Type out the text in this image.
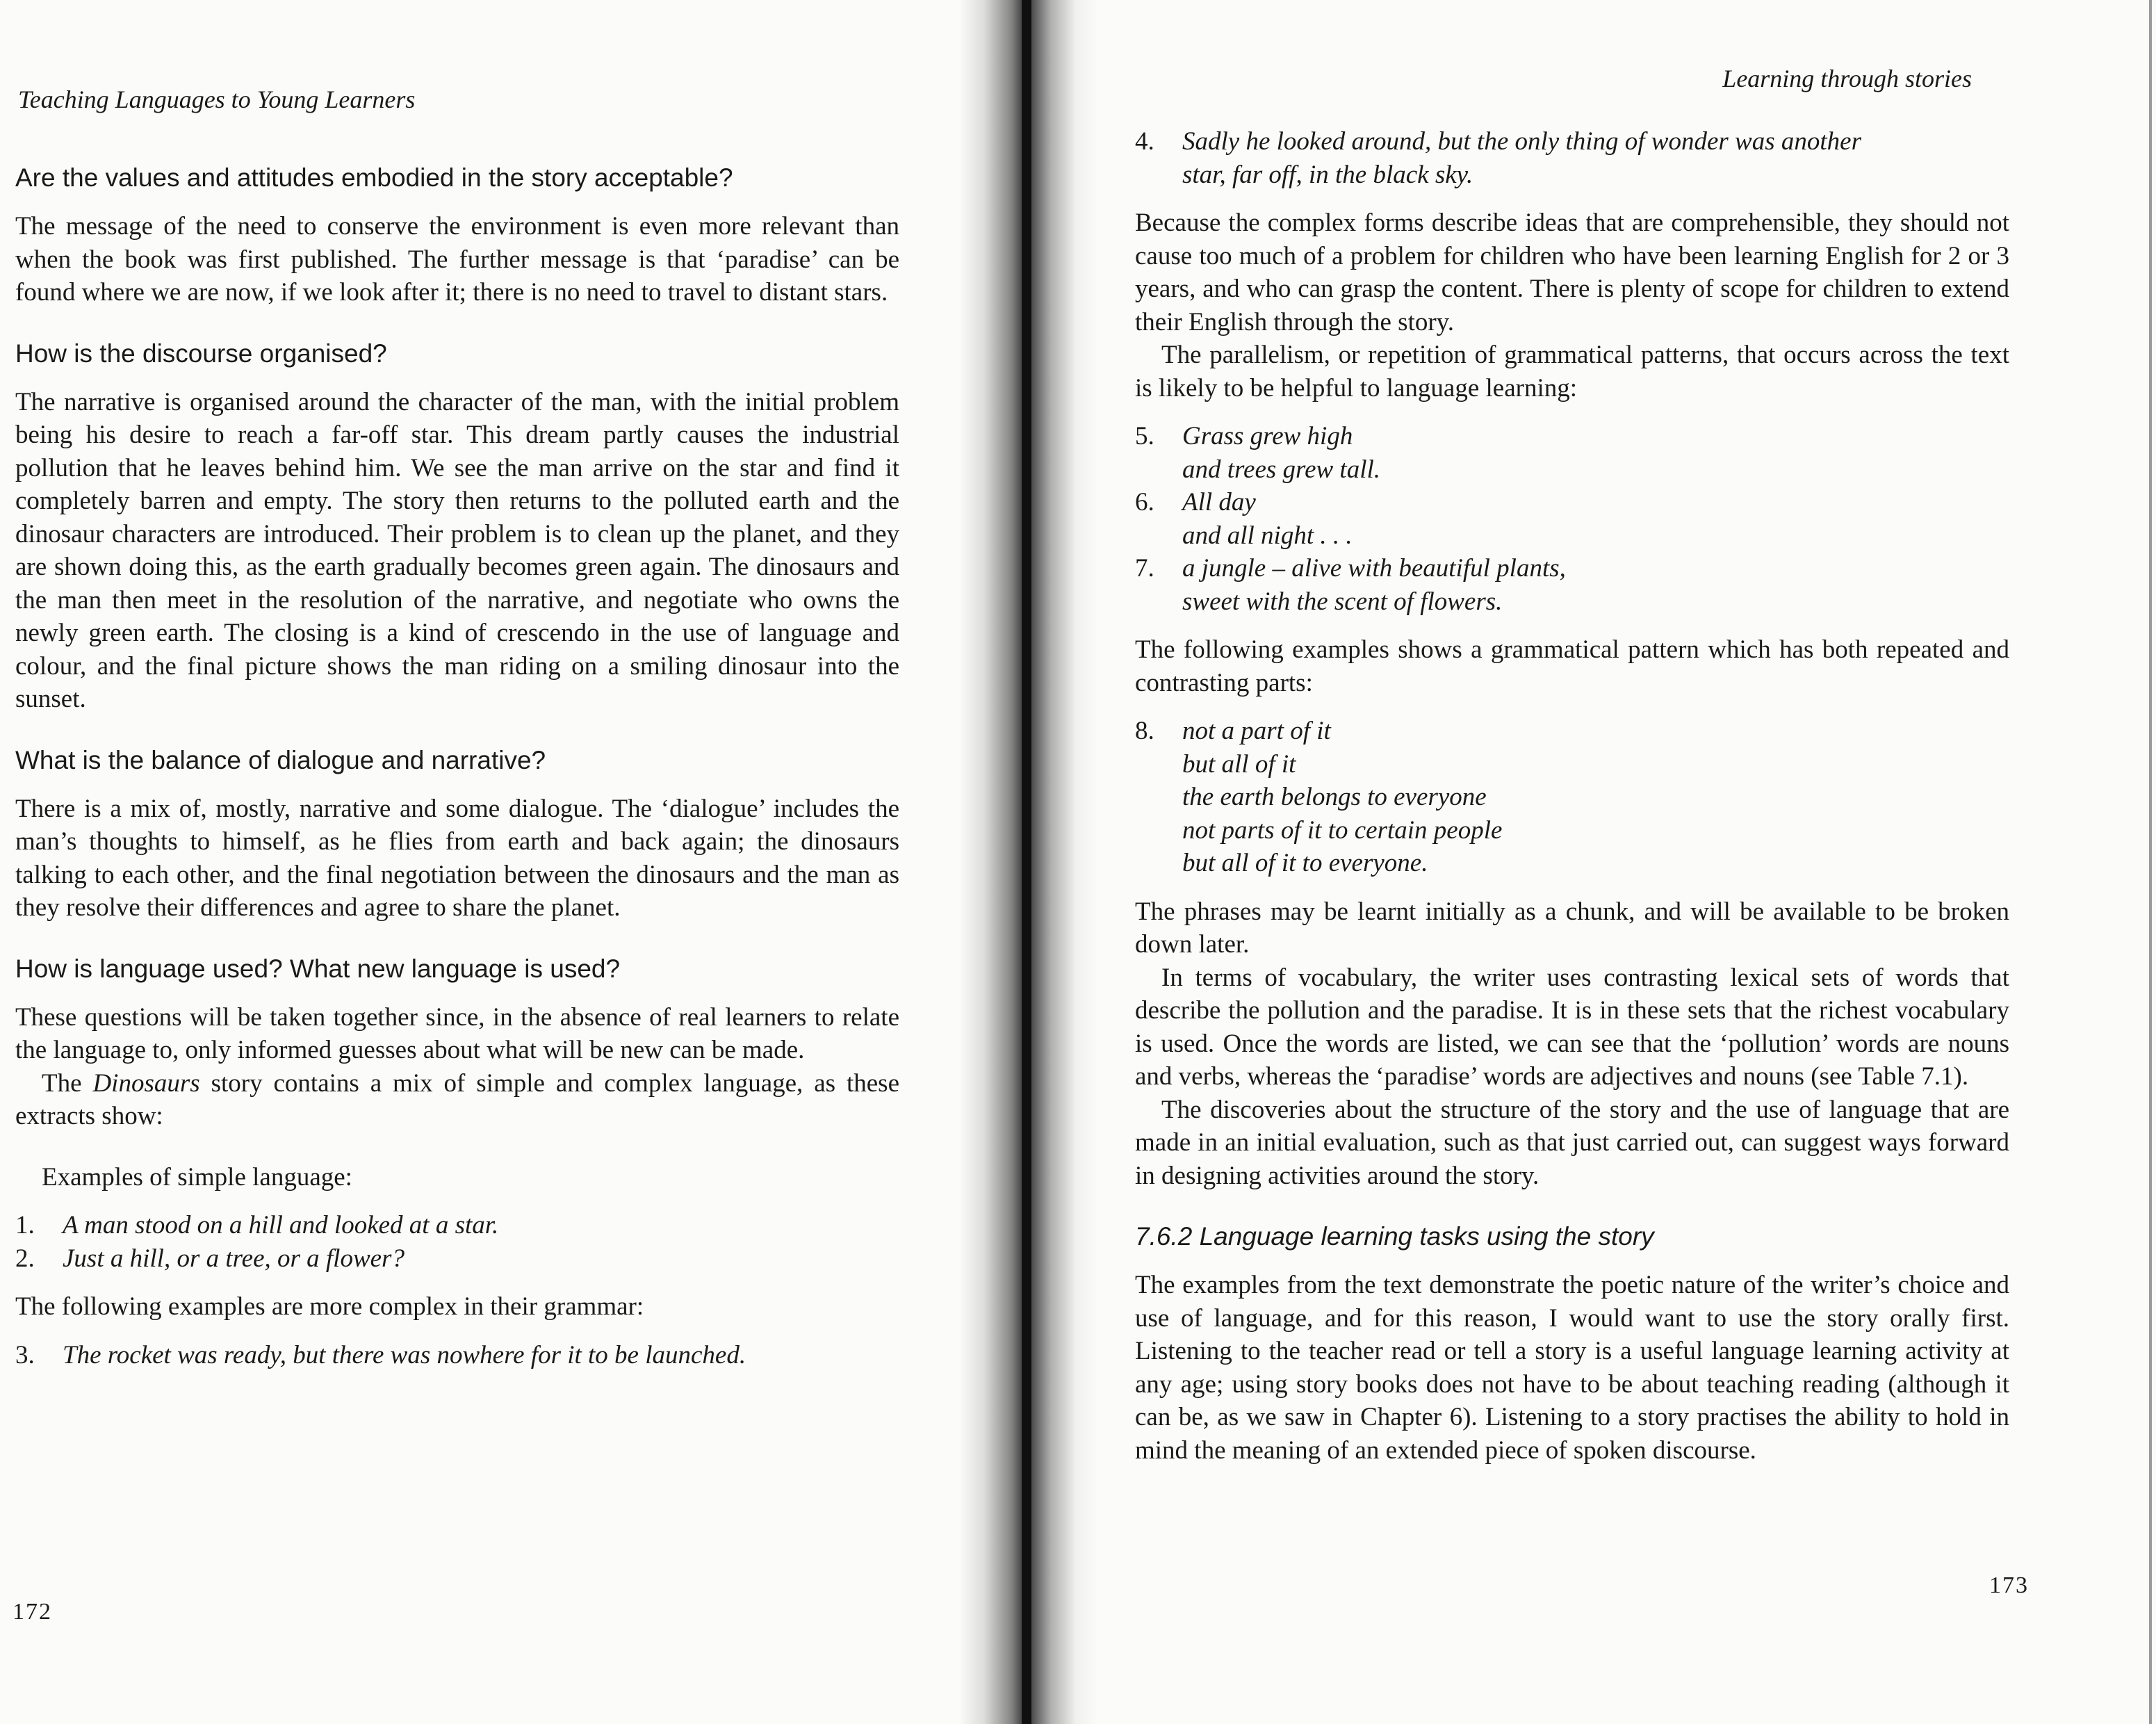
Teaching Languages to Young Learners
Are the values and attitudes embodied in the story acceptable?

The message of the need to conserve the environment is even more relevant than when the book was first published. The further message is that ‘paradise’ can be found where we are now, if we look after it; there is no need to travel to distant stars.

How is the discourse organised?

The narrative is organised around the character of the man, with the initial problem being his desire to reach a far-off star. This dream partly causes the industrial pollution that he leaves behind him. We see the man arrive on the star and find it completely barren and empty. The story then returns to the polluted earth and the dinosaur characters are introduced. Their problem is to clean up the planet, and they are shown doing this, as the earth gradually becomes green again. The dinosaurs and the man then meet in the resolution of the narrative, and negotiate who owns the newly green earth. The closing is a kind of crescendo in the use of language and colour, and the final picture shows the man riding on a smiling dinosaur into the sunset.

What is the balance of dialogue and narrative?

There is a mix of, mostly, narrative and some dialogue. The ‘dialogue’ includes the man’s thoughts to himself, as he flies from earth and back again; the dinosaurs talking to each other, and the final negotiation between the dinosaurs and the man as they resolve their differences and agree to share the planet.

How is language used? What new language is used?

These questions will be taken together since, in the absence of real learners to relate the language to, only informed guesses about what will be new can be made.

The Dinosaurs story contains a mix of simple and complex language, as these extracts show:

Examples of simple language:
1.	A man stood on a hill and looked at a star.
2.	Just a hill, or a tree, or a flower?

The following examples are more complex in their grammar:

3.	The rocket was ready, but there was nowhere for it to be launched.
172
Learning through stories
4.	Sadly he looked around, but the only thing of wonder was another
star, far off, in the black sky.

Because the complex forms describe ideas that are comprehensible, they should not cause too much of a problem for children who have been learning English for 2 or 3 years, and who can grasp the content. There is plenty of scope for children to extend their English through the story.

The parallelism, or repetition of grammatical patterns, that occurs across the text is likely to be helpful to language learning:

5.	Grass grew high
and trees grew tall.
6.	All day
and all night . . .
7.	a jungle – alive with beautiful plants,
sweet with the scent of flowers.

The following examples shows a grammatical pattern which has both repeated and contrasting parts:

8.	not a part of it
but all of it
the earth belongs to everyone
not parts of it to certain people
but all of it to everyone.

The phrases may be learnt initially as a chunk, and will be available to be broken down later.

In terms of vocabulary, the writer uses contrasting lexical sets of words that describe the pollution and the paradise. It is in these sets that the richest vocabulary is used. Once the words are listed, we can see that the ‘pollution’ words are nouns and verbs, whereas the ‘paradise’ words are adjectives and nouns (see Table 7.1).

The discoveries about the structure of the story and the use of language that are made in an initial evaluation, such as that just carried out, can suggest ways forward in designing activities around the story.

7.6.2 Language learning tasks using the story

The examples from the text demonstrate the poetic nature of the writer’s choice and use of language, and for this reason, I would want to use the story orally first. Listening to the teacher read or tell a story is a useful language learning activity at any age; using story books does not have to be about teaching reading (although it can be, as we saw in Chapter 6). Listening to a story practises the ability to hold in mind the meaning of an extended piece of spoken discourse.

173
